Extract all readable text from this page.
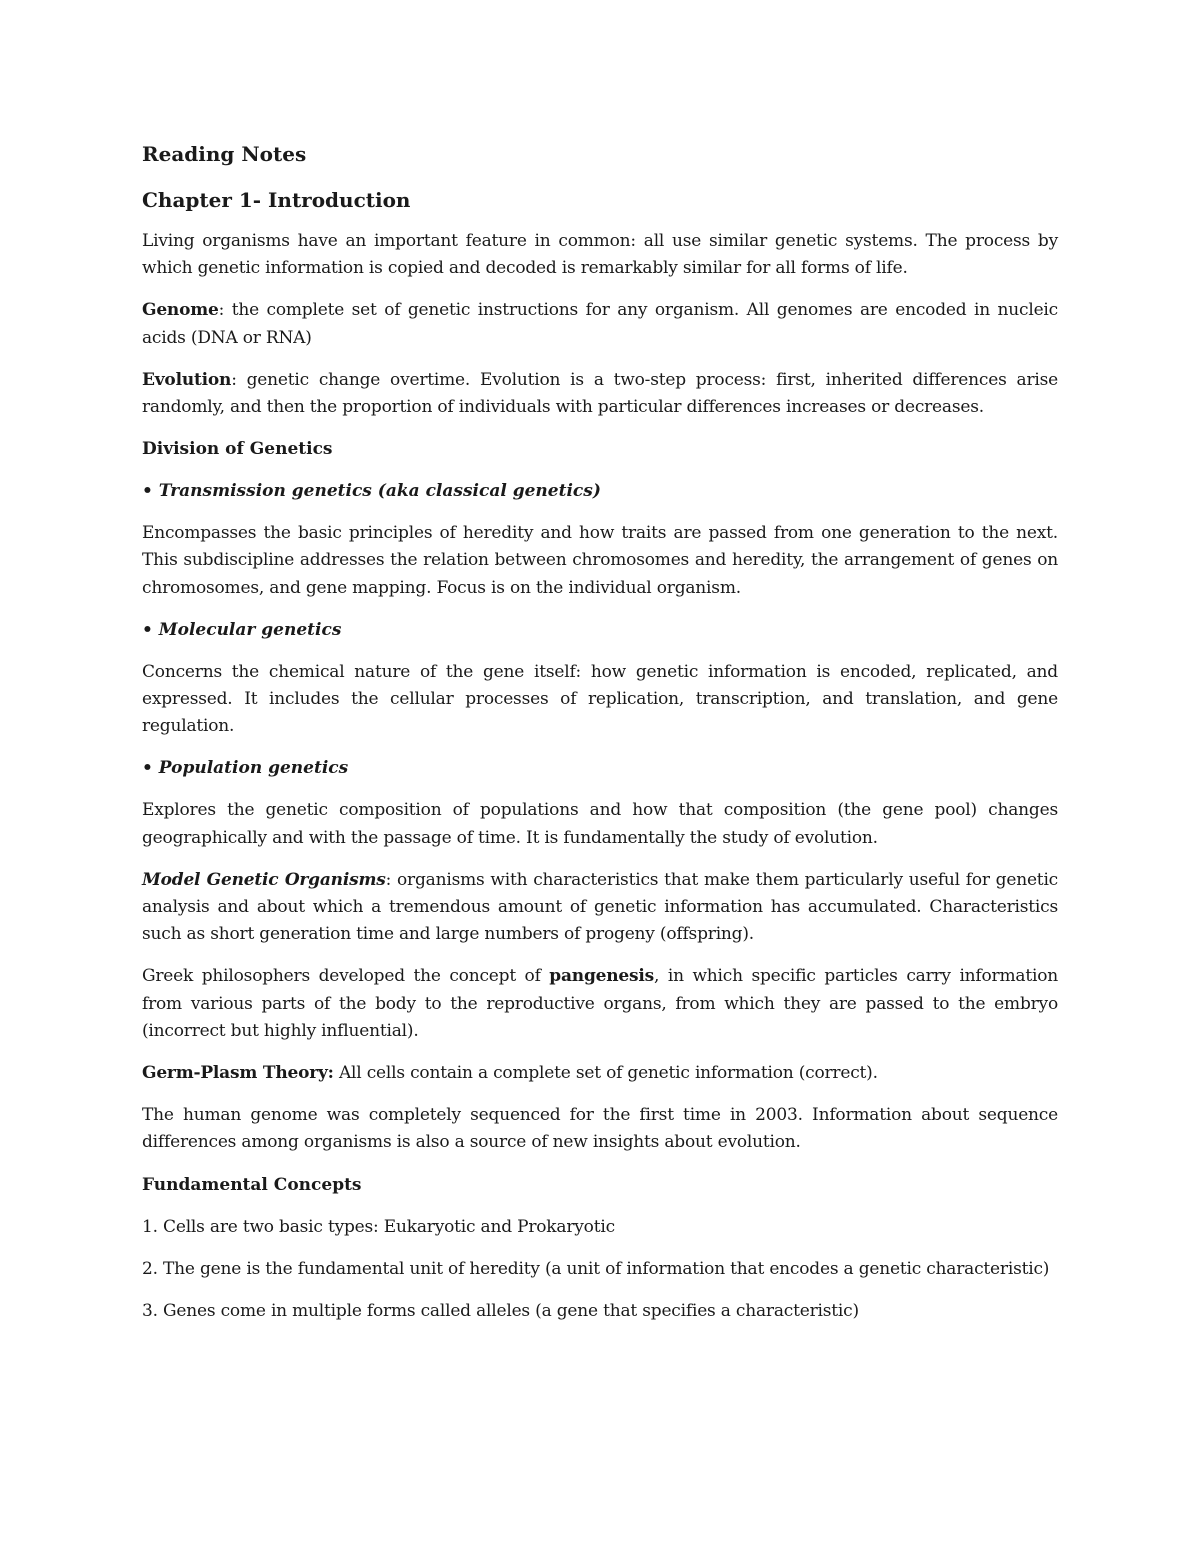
Reading Notes
Chapter 1- Introduction

Living organisms have an important feature in common: all use similar genetic systems. The process by which genetic information is copied and decoded is remarkably similar for all forms of life.

Genome: the complete set of genetic instructions for any organism. All genomes are encoded in nucleic acids (DNA or RNA)

Evolution: genetic change overtime. Evolution is a two-step process: first, inherited differences arise randomly, and then the proportion of individuals with particular differences increases or decreases.

Division of Genetics
• Transmission genetics (aka classical genetics)

Encompasses the basic principles of heredity and how traits are passed from one generation to the next. This subdiscipline addresses the relation between chromosomes and heredity, the arrangement of genes on chromosomes, and gene mapping. Focus is on the individual organism.

• Molecular genetics

Concerns the chemical nature of the gene itself: how genetic information is encoded, replicated, and expressed. It includes the cellular processes of replication, transcription, and translation, and gene regulation.

• Population genetics

Explores the genetic composition of populations and how that composition (the gene pool) changes geographically and with the passage of time. It is fundamentally the study of evolution.

Model Genetic Organisms: organisms with characteristics that make them particularly useful for genetic analysis and about which a tremendous amount of genetic information has accumulated. Characteristics such as short generation time and large numbers of progeny (offspring).

Greek philosophers developed the concept of pangenesis, in which specific particles carry information from various parts of the body to the reproductive organs, from which they are passed to the embryo (incorrect but highly influential).

Germ-Plasm Theory: All cells contain a complete set of genetic information (correct).

The human genome was completely sequenced for the first time in 2003. Information about sequence differences among organisms is also a source of new insights about evolution.

Fundamental Concepts

1. Cells are two basic types: Eukaryotic and Prokaryotic

2. The gene is the fundamental unit of heredity (a unit of information that encodes a genetic characteristic)

3. Genes come in multiple forms called alleles (a gene that specifies a characteristic)
